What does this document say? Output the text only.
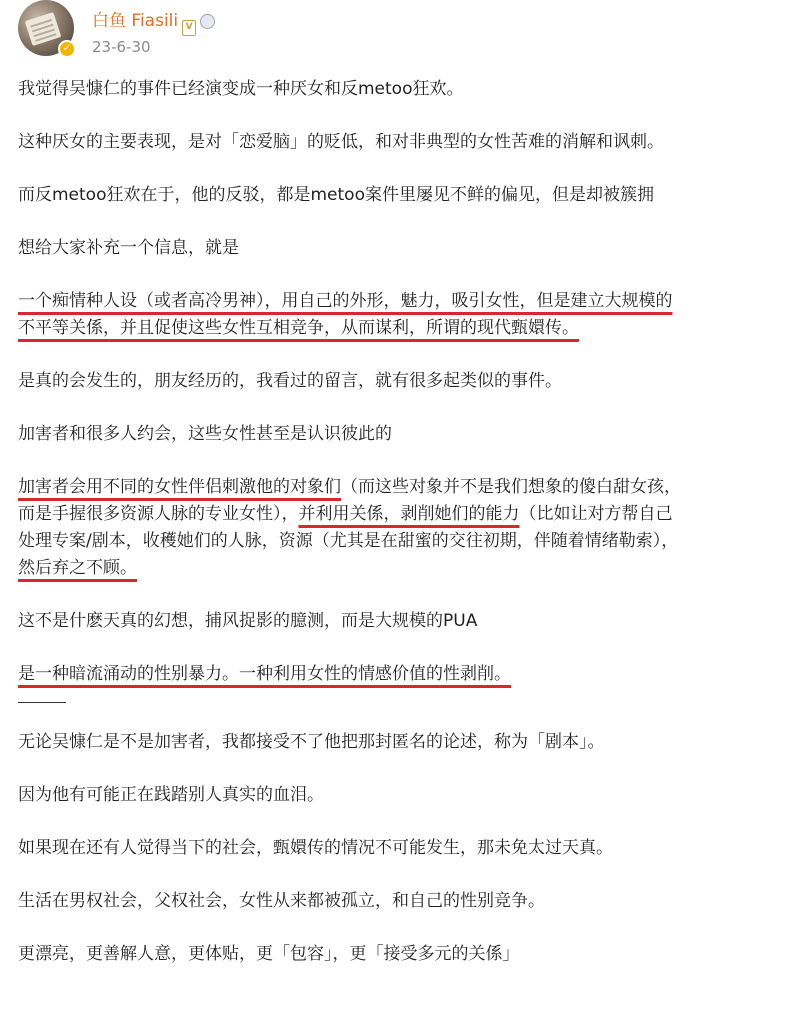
✓
白鱼 Fiasili V
23-6-30

我觉得吴慷仁的事件已经演变成一种厌女和反metoo狂欢。

这种厌女的主要表现，是对「恋爱脑」的贬低，和对非典型的女性苦难的消解和讽刺。

而反metoo狂欢在于，他的反驳，都是metoo案件里屡见不鲜的偏见，但是却被簇拥

想给大家补充一个信息，就是

一个痴情种人设（或者高冷男神），用自己的外形，魅力，吸引女性，但是建立大规模的
不平等关係，并且促使这些女性互相竞争，从而谋利，所谓的现代甄嬛传。

是真的会发生的，朋友经历的，我看过的留言，就有很多起类似的事件。

加害者和很多人约会，这些女性甚至是认识彼此的

加害者会用不同的女性伴侣刺激他的对象们（而这些对象并不是我们想象的傻白甜女孩，
而是手握很多资源人脉的专业女性），并利用关係，剥削她们的能力（比如让对方帮自己
处理专案/剧本，收穫她们的人脉，资源（尤其是在甜蜜的交往初期，伴随着情绪勒索），
然后弃之不顾。

这不是什麽天真的幻想，捕风捉影的臆测，而是大规模的PUA

是一种暗流涌动的性别暴力。一种利用女性的情感价值的性剥削。

无论吴慷仁是不是加害者，我都接受不了他把那封匿名的论述，称为「剧本」。

因为他有可能正在践踏别人真实的血泪。

如果现在还有人觉得当下的社会，甄嬛传的情况不可能发生，那未免太过天真。

生活在男权社会，父权社会，女性从来都被孤立，和自己的性别竞争。

更漂亮，更善解人意，更体贴，更「包容」，更「接受多元的关係」
